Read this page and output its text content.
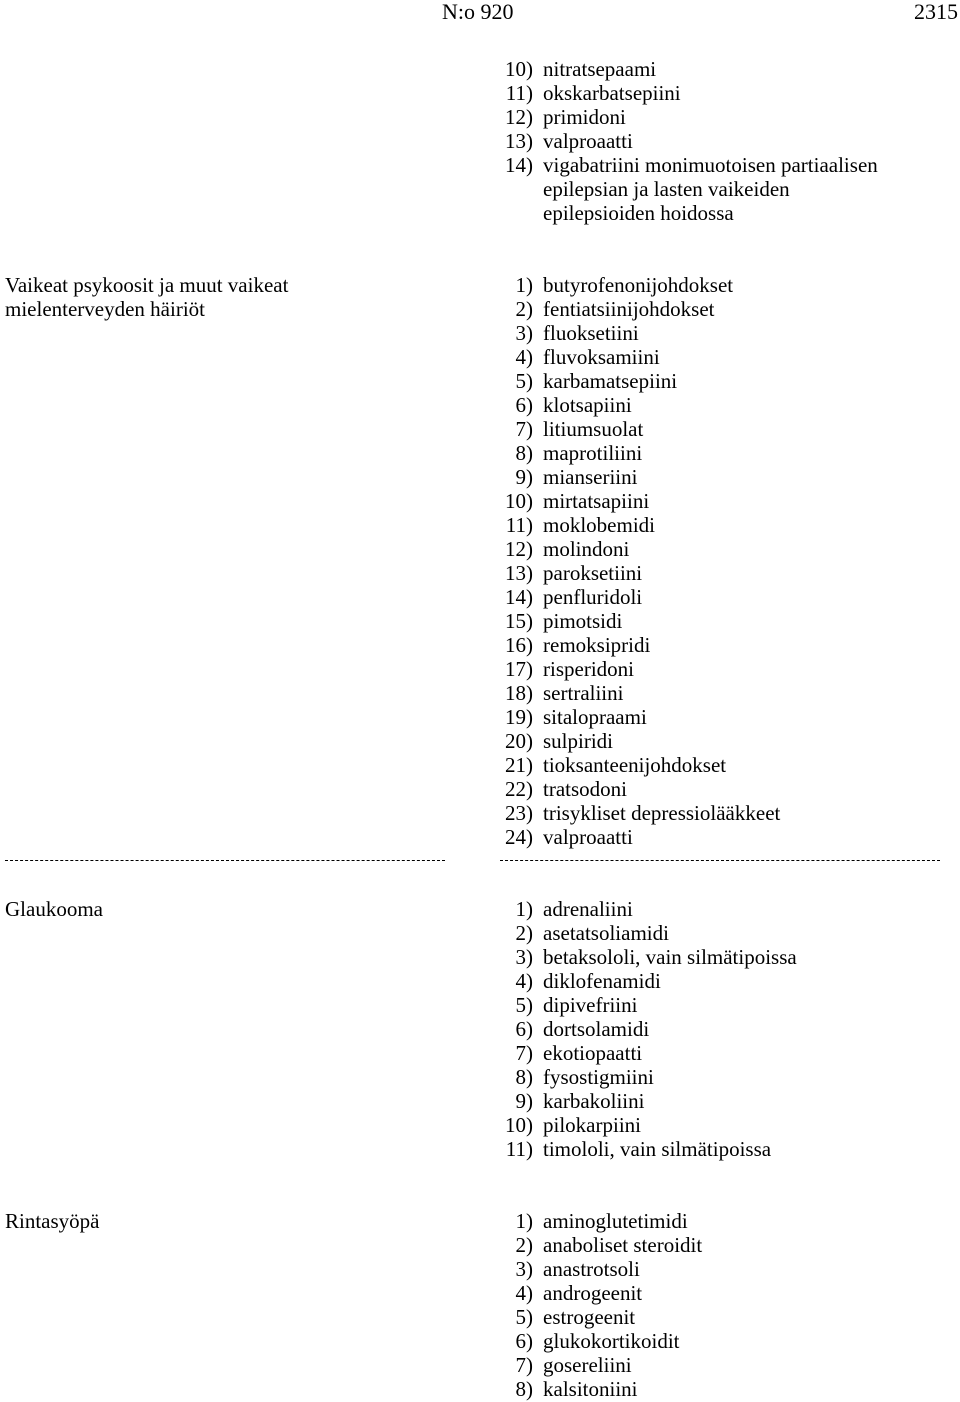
N:o 920	2315
10) nitratsepaami
11) okskarbatsepiini
12) primidoni
13) valproaatti
14) vigabatriini monimuotoisen partiaalisen
epilepsian ja lasten vaikeiden
epilepsioiden hoidossa
Vaikeat psykoosit ja muut vaikeat
mielenterveyden häiriöt
1) butyrofenonijohdokset
2) fentiatsiinijohdokset
3) fluoksetiini
4) fluvoksamiini
5) karbamatsepiini
6) klotsapiini
7) litiumsuolat
8) maprotiliini
9) mianseriini
10) mirtatsapiini
11) moklobemidi
12) molindoni
13) paroksetiini
14) penfluridoli
15) pimotsidi
16) remoksipridi
17) risperidoni
18) sertraliini
19) sitalopraami
20) sulpiridi
21) tioksanteenijohdokset
22) tratsodoni
23) trisykliset depressiolääkkeet
24) valproaatti
Glaukooma	1) adrenaliini
2) asetatsoliamidi
3) betaksololi, vain silmätipoissa
4) diklofenamidi
5) dipivefriini
6) dortsolamidi
7) ekotiopaatti
8) fysostigmiini
9) karbakoliini
10) pilokarpiini
11) timololi, vain silmätipoissa
Rintasyöpä	1) aminoglutetimidi
2) anaboliset steroidit
3) anastrotsoli
4) androgeenit
5) estrogeenit
6) glukokortikoidit
7) gosereliini
8) kalsitoniini
